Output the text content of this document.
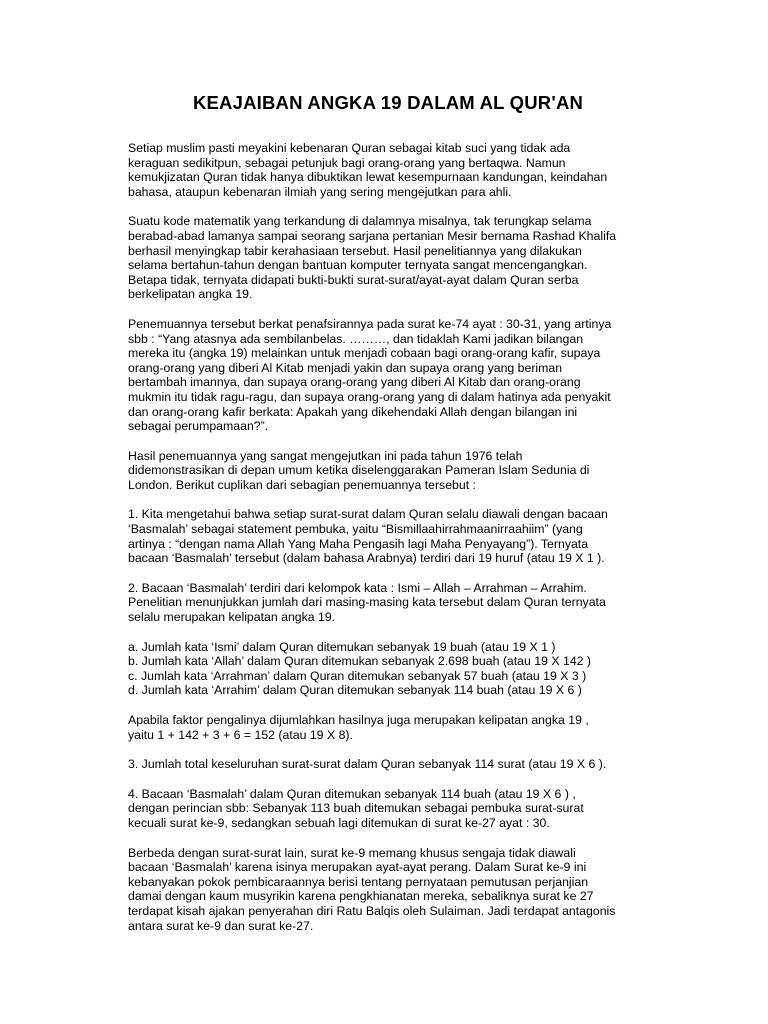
KEAJAIBAN ANGKA 19 DALAM AL QUR'AN

Setiap muslim pasti meyakini kebenaran Quran sebagai kitab suci yang tidak ada
keraguan sedikitpun, sebagai petunjuk bagi orang-orang yang bertaqwa. Namun
kemukjizatan Quran tidak hanya dibuktikan lewat kesempurnaan kandungan, keindahan
bahasa, ataupun kebenaran ilmiah yang sering mengejutkan para ahli.

Suatu kode matematik yang terkandung di dalamnya misalnya, tak terungkap selama
berabad-abad lamanya sampai seorang sarjana pertanian Mesir bernama Rashad Khalifa
berhasil menyingkap tabir kerahasiaan tersebut. Hasil penelitiannya yang dilakukan
selama bertahun-tahun dengan bantuan komputer ternyata sangat mencengangkan.
Betapa tidak, ternyata didapati bukti-bukti surat-surat/ayat-ayat dalam Quran serba
berkelipatan angka 19.

Penemuannya tersebut berkat penafsirannya pada surat ke-74 ayat : 30-31, yang artinya
sbb : “Yang atasnya ada sembilanbelas. ………, dan tidaklah Kami jadikan bilangan
mereka itu (angka 19) melainkan untuk menjadi cobaan bagi orang-orang kafir, supaya
orang-orang yang diberi Al Kitab menjadi yakin dan supaya orang yang beriman
bertambah imannya, dan supaya orang-orang yang diberi Al Kitab dan orang-orang
mukmin itu tidak ragu-ragu, dan supaya orang-orang yang di dalam hatinya ada penyakit
dan orang-orang kafir berkata: Apakah yang dikehendaki Allah dengan bilangan ini
sebagai perumpamaan?”.

Hasil penemuannya yang sangat mengejutkan ini pada tahun 1976 telah
didemonstrasikan di depan umum ketika diselenggarakan Pameran Islam Sedunia di
London. Berikut cuplikan dari sebagian penemuannya tersebut :

1. Kita mengetahui bahwa setiap surat-surat dalam Quran selalu diawali dengan bacaan
‘Basmalah’ sebagai statement pembuka, yaitu “Bismillaahirrahmaanirraahiim” (yang
artinya : “dengan nama Allah Yang Maha Pengasih lagi Maha Penyayang”). Ternyata
bacaan ‘Basmalah’ tersebut (dalam bahasa Arabnya) terdiri dari 19 huruf (atau 19 X 1 ).

2. Bacaan ‘Basmalah’ terdiri dari kelompok kata : Ismi – Allah – Arrahman – Arrahim.
Penelitian menunjukkan jumlah dari masing-masing kata tersebut dalam Quran ternyata
selalu merupakan kelipatan angka 19.

a. Jumlah kata ‘Ismi’ dalam Quran ditemukan sebanyak 19 buah (atau 19 X 1 )
b. Jumlah kata ‘Allah’ dalam Quran ditemukan sebanyak 2.698 buah (atau 19 X 142 )
c. Jumlah kata ‘Arrahman’ dalam Quran ditemukan sebanyak 57 buah (atau 19 X 3 )
d. Jumlah kata ‘Arrahim’ dalam Quran ditemukan sebanyak 114 buah (atau 19 X 6 )

Apabila faktor pengalinya dijumlahkan hasilnya juga merupakan kelipatan angka 19 ,
yaitu 1 + 142 + 3 + 6 = 152 (atau 19 X 8).

3. Jumlah total keseluruhan surat-surat dalam Quran sebanyak 114 surat (atau 19 X 6 ).

4. Bacaan ‘Basmalah’ dalam Quran ditemukan sebanyak 114 buah (atau 19 X 6 ) ,
dengan perincian sbb: Sebanyak 113 buah ditemukan sebagai pembuka surat-surat
kecuali surat ke-9, sedangkan sebuah lagi ditemukan di surat ke-27 ayat : 30.

Berbeda dengan surat-surat lain, surat ke-9 memang khusus sengaja tidak diawali
bacaan ‘Basmalah’ karena isinya merupakan ayat-ayat perang. Dalam Surat ke-9 ini
kebanyakan pokok pembicaraannya berisi tentang pernyataan pemutusan perjanjian
damai dengan kaum musyrikin karena pengkhianatan mereka, sebaliknya surat ke 27
terdapat kisah ajakan penyerahan diri Ratu Balqis oleh Sulaiman. Jadi terdapat antagonis
antara surat ke-9 dan surat ke-27.
